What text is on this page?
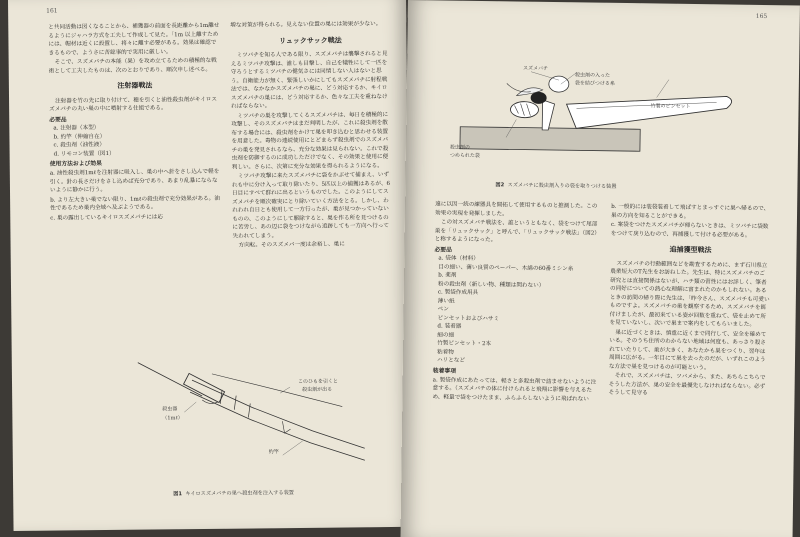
161

と共同活動は図くなることから、補獲器の前面を長距離から1m離せるようにジャハラ方式を工夫して作成して見た。「1m 以上離すためには、帽材は近くに設置し、将々に離す必要がある。効果は確認できるもので、ようさに苦総事的で実用に厳しい。

そこで、スズメバチの本能（果）を攻め立てるための積極的な戦術として工夫したものは、次のとおりであり、順次申し述べる。

注射器戦法

注射器を竹の先に取り付けて、穂を引くと油性殺虫剤がキイロスズメバチの丸い巣の中に噴射する仕組である。

必要品
a. 注射器（本型）
b. 約竿（伸縮自在）
c. 殺虫剤（油性液）
d. リモコン装置（図1）
使用方法および効果

a. 油性殺虫剤1mℓを注射器に吸入し、巣の中へ針をさし込んで軽を引く。針の長さだけをさし込めば充分であり、あまり乱暴にならないように静かに行う。

b. より左大きい巣でない限り、1mℓの殺虫剤で充分効果がある。油性であるため巣内全域へ及ぶようである。

c. 巣の露出しているキイロスズメバチには応

増な対策が得られる。見えない位置の巣には効果が少ない。

リュックサック戦法

ミツバチを知る人である限り、スズメバチは襲撃されると見えるミツバチ攻撃は、誰しも目撃し、自己を犠牲にして一匹を守ろうとするミツバチの健気さには同情しない人はないと思う。自衛能力が無く、緊張しいかにしてもスズメバチに射程戦法では、なかなかスズメバチの巣に、どう対応するか、キイロスズメバチの巣には、どう対応するか、色々な工夫を重ねなければならない。

ミツバチの巣を攻撃してくるスズメバチは、毎日を積極的に攻撃し、そのスズメバチはまだ判明したが、これに殺虫剤を散布する場合には、殺虫剤をかけて巣を叩き込むと思わせる装置を用意した。毒物の連続使用にとどまらず殺虫剤でのスズメバチの巣を発見されるなら、充分な効果は見られない。これで殺虫剤を防御するのに成功しただけでなく、その効果と使用に便利しい。さらに、次第に充分な効果を得られるようになる。

ミツバチ攻撃に来たスズメバチに袋をかぶせて捕まえ、いずれも中に分け入って取り除いたり、5匹以上の捕獲はあるが、6日目にすべて群れに出るというものでした。このようにしてスズメバチを順次確実にとり除いていく方法をとる。しかし、われわれ自日とも使用して一方行ったが、巣が見つかっていないものの、このようにして駆除すると、巣を作る所を見つけるのに苦労し、あの辺に袋をつけながら追跡しても一方向へ行って失われてしまう。

方向転。そのスズメバ一度は余裕し、巣に

殺虫器
（1mℓ）
このひもを引くと
殺虫剤が出る
約竿
図1 キイロスズメバチの巣へ殺虫剤を注入する装置
165
スズメバチ
殺虫剤の入った
袋を結びつける糸
竹製のピンセット
殺虫剤の
つめられた袋
図2 スズメバチに殺虫剤入りの袋を取りつける装置

遠に以因一続の練器具を開拓して使用するものと推測した。この効果の実現を発揮しました。

この対スズメバチ戦法を、誰というともなく、袋をつけて尾部巣を「リュックサック」と呼んで、「リュックサック戦法」（図2）と称するようになった。

必要品
a. 袋体（材料）
目の細い、薄い良質のペーパー、木綿の60番ミシン糸
b. 薬剤
粉の殺虫剤（新しい物、種類は問わない）
c. 製袋作成用具
薄い紙
ペン
ピンセットおよびハサミ
d. 装着器
細の細
竹製ピンセット・2本
粘着物
ハリとなど
装着事項

a. 製袋作成にあたっては、軽さと多殺虫剤で詰ませないように注意する。（スズメバチの体に付けられると飛翔に影響を与えるため、軽量で袋をつけたまま、ふらふらしないように飛ばれない

b. 一般的には装袋装着して飛ばすとまっすぐに巣へ帰るので、巣の方向を知ることができる。

c. 案袋をつけたスズメバチが帰らないときは、ミツバチに袋数をつけて戻り込むので、再捕獲して付ける必要がある。

追捕獲型戦法

スズメバチの行動範囲などを勘査するために、まず石川県立農業短大のT先生をお訪ねした。先生は、特にスズメバチのご研究とは直接関係はないが、ハチ類の習性にはお詳しく、筆者の同好についての熱心な理解に富まれたのかもしれない。あるときの訪問の帰り際に先生は、「昨今さん、スズメバチも可愛いものですよ。スズメバチの巣を観察するため、スズメバチを餌付けましたが、最初来ている姿が回数を重ねて、袋を止めて所を見ていないし、次いで巣まで案内をしてもらいました。

巣に近づくときは、慎重に近くまで同行して、安全を確めている。そのうち住所のわからない地域は何度も、あっさり殺されていたりして、巣が大きく、あなたかも巣をつくり、翌年は周囲に広がる。一年目にて巣を去ったのだが、いずれこのような方法で巣を見つけるのが可能という。

それで、スズメバチは、ツバメから、また、あちらこちらでそうした方法が、巣の安全を最優先しなければならない。必ずそうして見守る
